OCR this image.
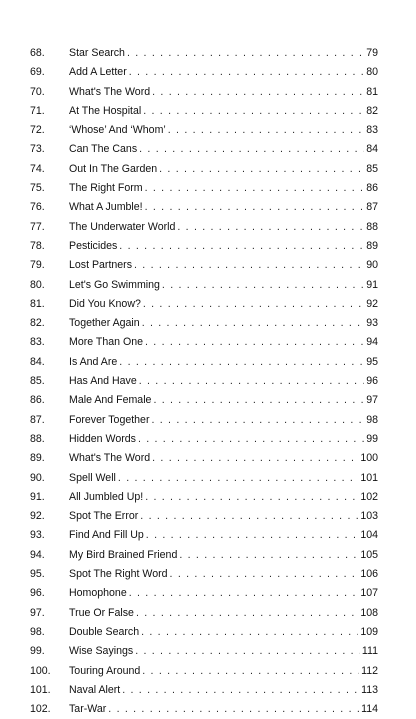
68.	Star Search . . .	79
69.	Add A Letter . . .	80
70.	What's The Word . . .	81
71.	At The Hospital . . .	82
72.	‘Whose’ And ‘Whom’ . . .	83
73.	Can The Cans . . .	84
74.	Out In The Garden . . .	85
75.	The Right Form . . .	86
76.	What A Jumble! . . .	87
77.	The Underwater World . . .	88
78.	Pesticides . . .	89
79.	Lost Partners . . .	90
80.	Let's Go Swimming . . .	91
81.	Did You Know? . . .	92
82.	Together Again . . .	93
83.	More Than One . . .	94
84.	Is And Are . . .	95
85.	Has And Have . . .	96
86.	Male And Female . . .	97
87.	Forever Together . . .	98
88.	Hidden Words . . .	99
89.	What's The Word . . .	100
90.	Spell Well . . .	101
91.	All Jumbled Up! . . .	102
92.	Spot The Error . . .	103
93.	Find And Fill Up . . .	104
94.	My Bird Brained Friend . . .	105
95.	Spot The Right Word . . .	106
96.	Homophone . . .	107
97.	True Or False . . .	108
98.	Double Search . . .	109
99.	Wise Sayings . . .	111
100.	Touring Around . . .	112
101.	Naval Alert . . .	113
102.	Tar-War . . .	114
